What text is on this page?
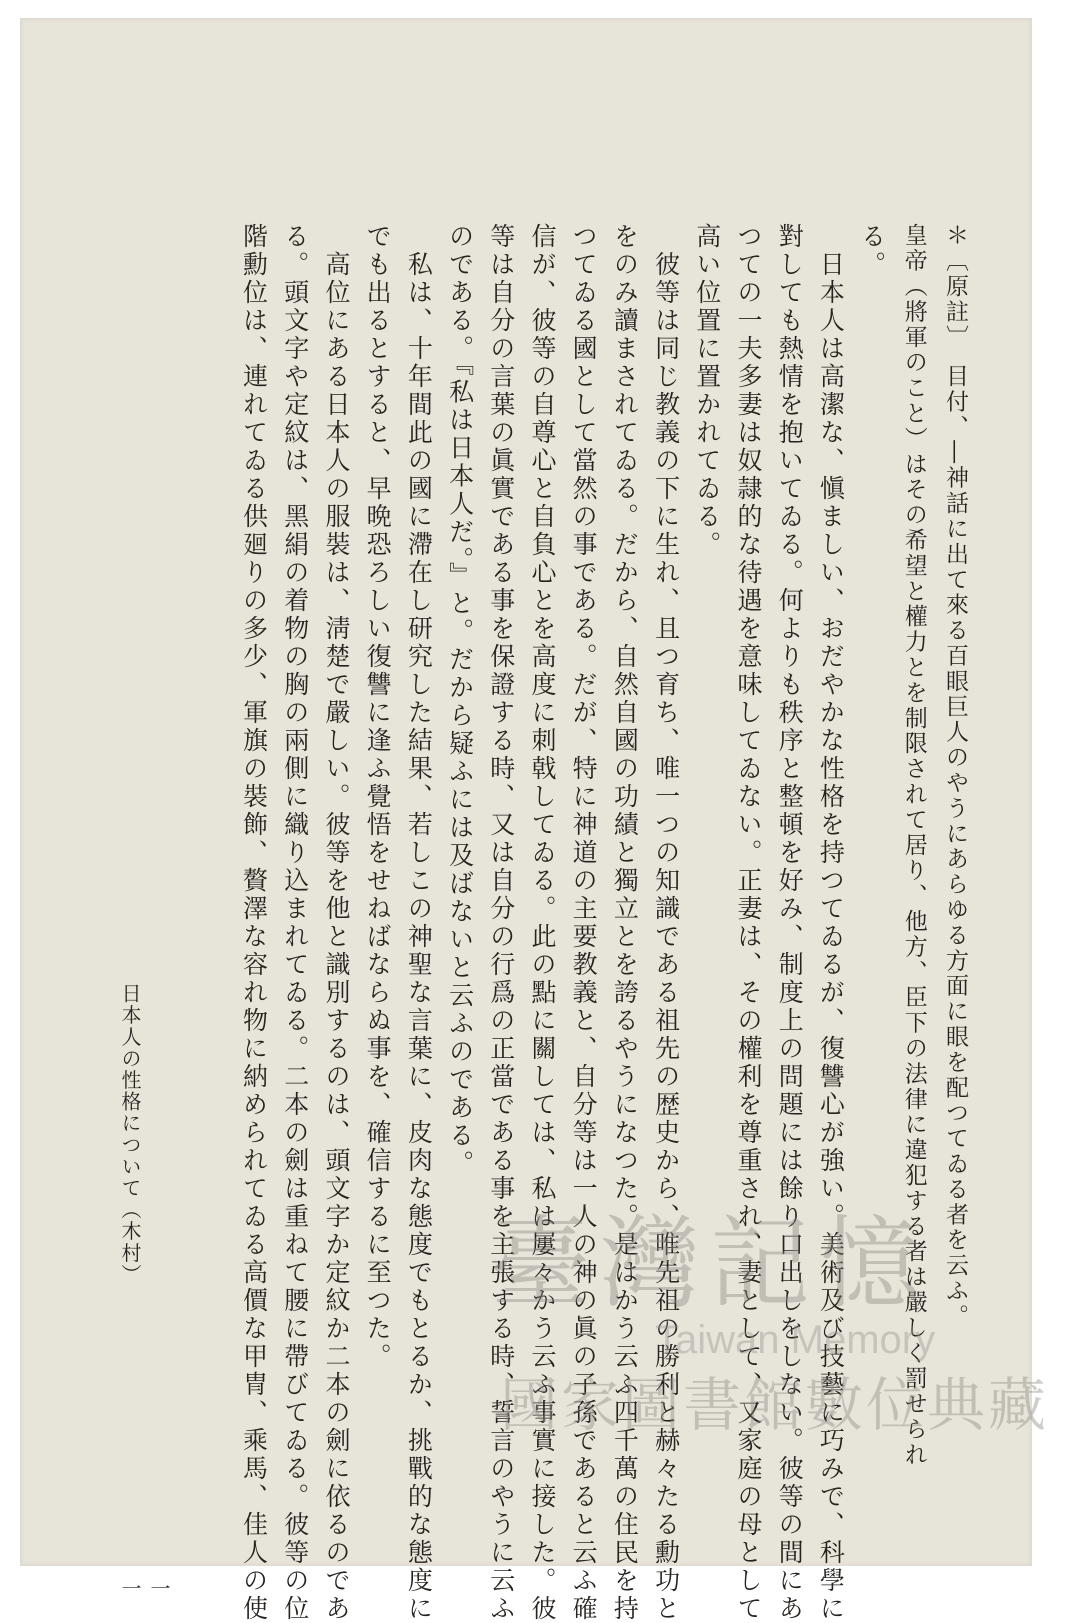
＊〔原註〕　目付、―神話に出て來る百眼巨人のやうにあらゆる方面に眼を配つてゐる者を云ふ。

皇帝（將軍のこと）はその希望と權力とを制限されて居り、他方、臣下の法律に違犯する者は嚴しく罰せられ

る。

　日本人は高潔な、愼ましい、おだやかな性格を持つてゐるが、復讐心が強い。美術及び技藝に巧みで、科學に

對しても熱情を抱いてゐる。何よりも秩序と整頓を好み、制度上の問題には餘り口出しをしない。彼等の間にあ

つての一夫多妻は奴隷的な待遇を意味してゐない。正妻は、その權利を尊重され、妻として、又家庭の母として

高い位置に置かれてゐる。

　彼等は同じ教義の下に生れ、且つ育ち、唯一つの知識である祖先の歴史から、唯先祖の勝利と赫々たる勳功と

をのみ讀まされてゐる。だから、自然自國の功績と獨立とを誇るやうになつた。是はかう云ふ四千萬の住民を持

つてゐる國として當然の事である。だが、特に神道の主要教義と、自分等は一人の神の眞の子孫であると云ふ確

信が、彼等の自尊心と自負心とを高度に刺戟してゐる。此の點に關しては、私は屢々かう云ふ事實に接した。彼

等は自分の言葉の眞實である事を保證する時、又は自分の行爲の正當である事を主張する時、誓言のやうに云ふ

のである。『私は日本人だ。』と。だから疑ふには及ばないと云ふのである。

　私は、十年間此の國に滯在し研究した結果、若しこの神聖な言葉に、皮肉な態度でもとるか、挑戰的な態度に

でも出るとすると、早晩恐ろしい復讐に逢ふ覺悟をせねばならぬ事を、確信するに至つた。

　高位にある日本人の服裝は、淸楚で嚴しい。彼等を他と識別するのは、頭文字か定紋か二本の劍に依るのであ

る。頭文字や定紋は、黑絹の着物の胸の兩側に織り込まれてゐる。二本の劍は重ねて腰に帶びてゐる。彼等の位

階勳位は、連れてゐる供廻りの多少、軍旗の裝飾、贅澤な容れ物に納められてゐる高價な甲冑、乘馬、佳人の使

日本人の性格について（木村）
一一
臺灣記憶
Taiwan Memory
國家圖書館數位典藏
